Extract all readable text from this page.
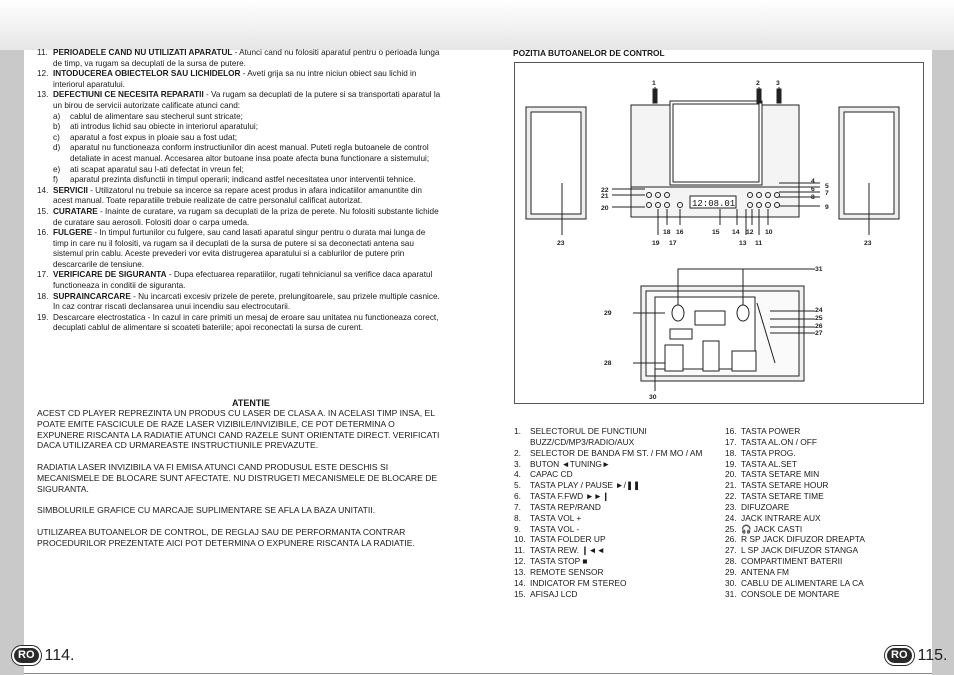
11. PERIOADELE CAND NU UTILIZATI APARATUL - Atunci cand nu folositi aparatul pentru o perioada lunga de timp, va rugam sa decuplati de la sursa de putere.
12. INTODUCEREA OBIECTELOR SAU LICHIDELOR - Aveti grija sa nu intre niciun obiect sau lichid in interiorul aparatului.
13. DEFECTIUNI CE NECESITA REPARATII - Va rugam sa decuplati de la putere si sa transportati aparatul la un birou de servicii autorizate calificate atunci cand:
a)	cablul de alimentare sau stecherul sunt stricate;
b)	ati introdus lichid sau obiecte in interiorul aparatului;
c)	aparatul a fost expus in ploaie sau a fost udat;
d)	aparatul nu functioneaza conform instructiunilor din acest manual. Puteti regla butoanele de control detaliate in acest manual. Accesarea altor butoane insa poate afecta buna functionare a sistemului;
e)	ati scapat aparatul sau l-ati defectat in vreun fel;
f)	aparatul prezinta disfunctii in timpul operarii; indicand astfel necesitatea unor interventii tehnice.
14. SERVICII - Utilizatorul nu trebuie sa incerce sa repare acest produs in afara indicatiilor amanuntite din acest manual. Toate reparatiile trebuie realizate de catre personalul calificat autorizat.
15. CURATARE - Inainte de curatare, va rugam sa decuplati de la priza de perete. Nu folositi substante lichide de curatare sau aerosoli. Folositi doar o carpa umeda.
16. FULGERE - In timpul furtunilor cu fulgere, sau cand lasati aparatul singur pentru o durata mai lunga de timp in care nu il folositi, va rugam sa il decuplati de la sursa de putere si sa deconectati antena sau sistemul prin cablu. Aceste prevederi vor evita distrugerea aparatului si a cablurilor de putere prin descarcarile de tensiune.
17. VERIFICARE DE SIGURANTA - Dupa efectuarea reparatiilor, rugati tehnicianul sa verifice daca aparatul functioneaza in conditii de siguranta.
18. SUPRAINCARCARE - Nu incarcati excesiv prizele de perete, prelungitoarele, sau prizele multiple casnice. In caz contrar riscati declansarea unui incendiu sau electrocutarii.
19. Descarcare electrostatica - In cazul in care primiti un mesaj de eroare sau unitatea nu functioneaza corect, decuplati cablul de alimentare si scoateti bateriile; apoi reconectati la sursa de curent.
ATENTIE

ACEST CD PLAYER REPREZINTA UN PRODUS CU LASER DE CLASA A. IN ACELASI TIMP INSA, EL POATE EMITE FASCICULE DE RAZE LASER VIZIBILE/INVIZIBILE, CE POT DETERMINA O EXPUNERE RISCANTA LA RADIATIE ATUNCI CAND RAZELE SUNT ORIENTATE DIRECT. VERIFICATI DACA UTILIZAREA CD URMAREASTE INSTRUCTIUNILE PREVAZUTE.

RADIATIA LASER INVIZIBILA VA FI EMISA ATUNCI CAND PRODUSUL ESTE DESCHIS SI MECANISMELE DE BLOCARE SUNT AFECTATE. NU DISTRUGETI MECANISMELE DE BLOCARE DE SIGURANTA.

SIMBOLURILE GRAFICE CU MARCAJE SUPLIMENTARE SE AFLA LA BAZA UNITATII.

UTILIZAREA BUTOANELOR DE CONTROL, DE REGLAJ SAU DE PERFORMANTA CONTRAR PROCEDURILOR PREZENTATE AICI POT DETERMINA O EXPUNERE RISCANTA LA RADIATIE.

RO 114.
POZITIA BUTOANELOR DE CONTROL
1	2 3
4
5
6
7
8
9
10
11
12
13
14
15
16
17
18
19
20
21
22
23	23
31
24
25
26
27
29
28
30
12:08.01
1.	SELECTORUL DE FUNCTIUNI BUZZ/CD/MP3/RADIO/AUX
2.	SELECTOR DE BANDA FM ST. / FM MO / AM
3.	BUTON ◄TUNING►
4.	CAPAC CD
5.	TASTA PLAY / PAUSE ►/❚❚
6.	TASTA F.FWD ►►❙
7.	TASTA REP/RAND
8.	TASTA VOL +
9.	TASTA VOL -
10. TASTA FOLDER UP
11. TASTA REW. ❙◄◄
12. TASTA STOP ■
13. REMOTE SENSOR
14. INDICATOR FM STEREO
15. AFISAJ LCD
16. TASTA POWER
17. TASTA AL.ON / OFF
18. TASTA PROG.
19. TASTA AL.SET
20. TASTA SETARE MIN
21. TASTA SETARE HOUR
22. TASTA SETARE TIME
23. DIFUZOARE
24. JACK INTRARE AUX
25. 🎧 JACK CASTI
26. R SP JACK DIFUZOR DREAPTA
27. L SP JACK DIFUZOR STANGA
28. COMPARTIMENT BATERII
29. ANTENA FM
30. CABLU DE ALIMENTARE LA CA
31. CONSOLE DE MONTARE
RO 115.
